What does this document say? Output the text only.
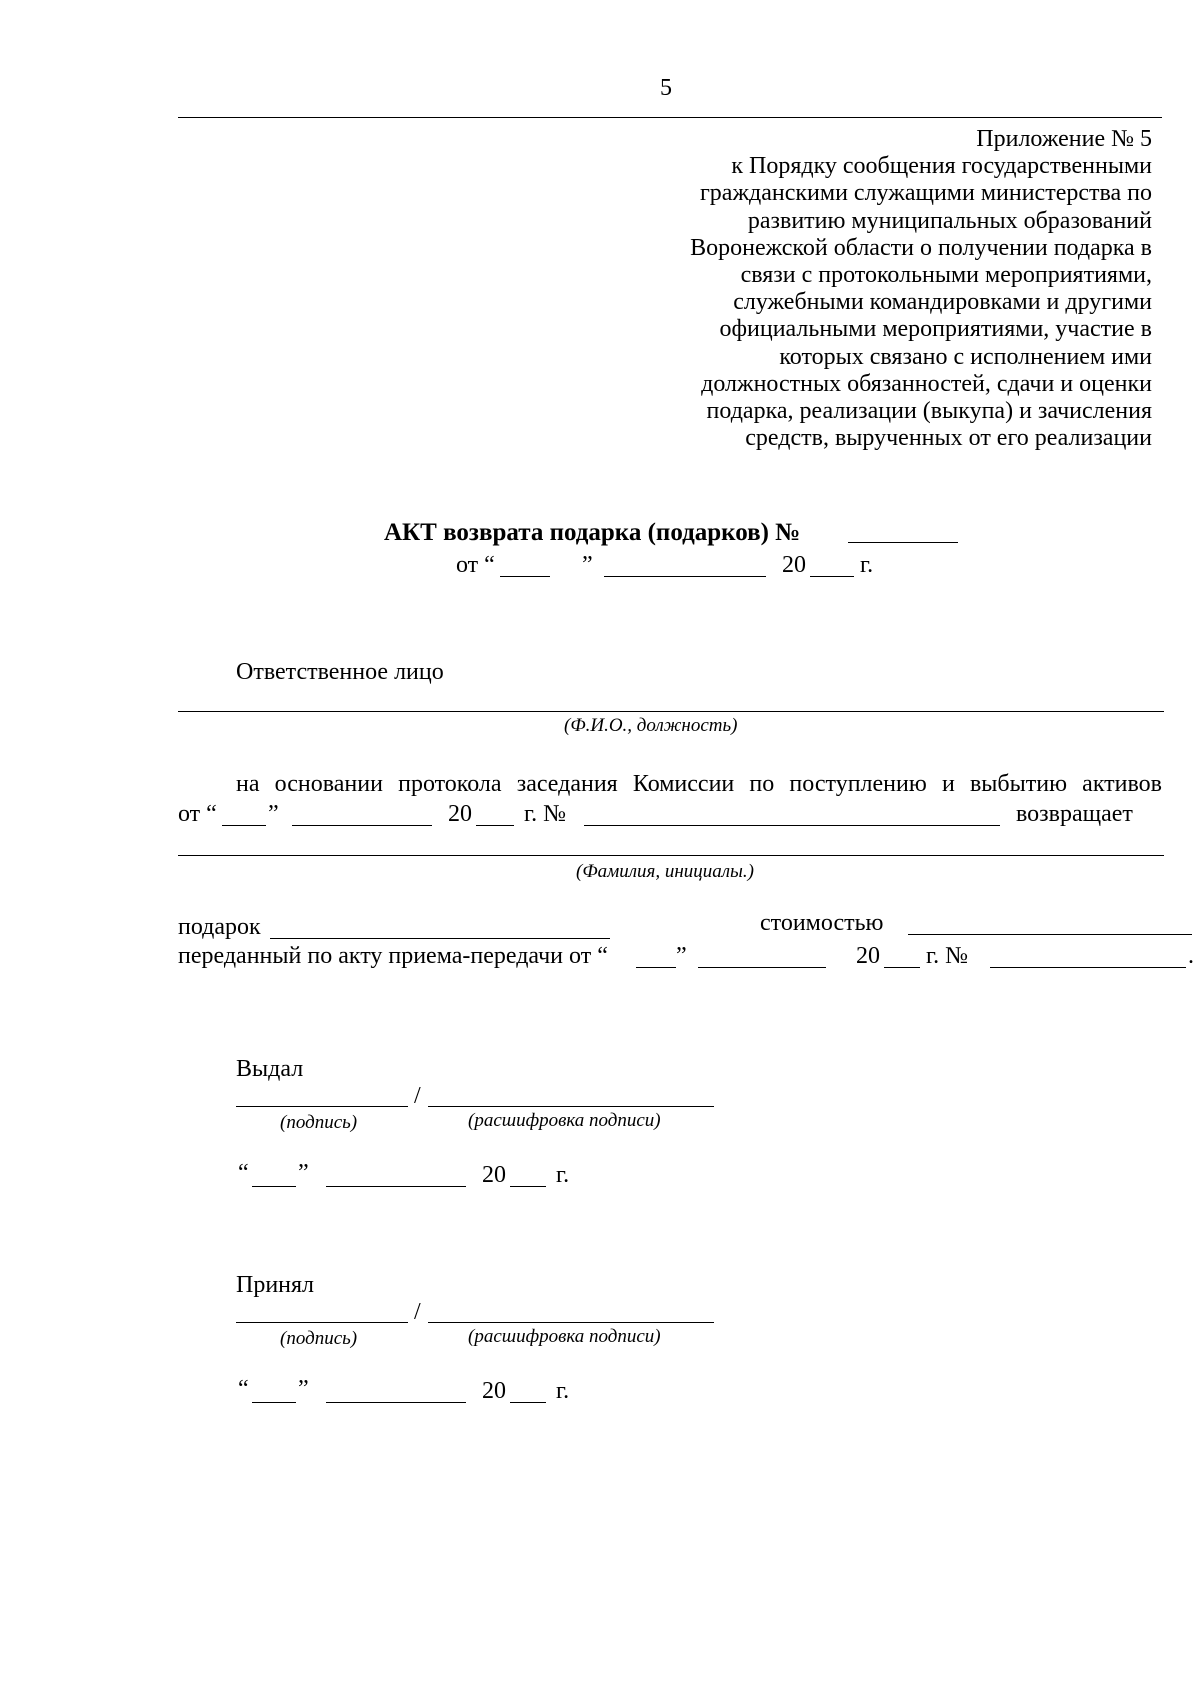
5
Приложение № 5
к Порядку сообщения государственными
гражданскими служащими министерства по
развитию муниципальных образований
Воронежской области о получении подарка в
связи с протокольными мероприятиями,
служебными командировками и другими
официальными мероприятиями, участие в
которых связано с исполнением ими
должностных обязанностей, сдачи и оценки
подарка, реализации (выкупа) и зачисления
средств, вырученных от его реализации
АКТ возврата подарка (подарков) №
от “	”	20 г.
Ответственное лицо
(Ф.И.О., должность)
на основании протокола заседания Комиссии по поступлению и выбытию активов
от “ ”	20 г. №	возвращает
(Фамилия, инициалы.)
подарок	стоимостью
переданный по акту приема-передачи от “	”	20 г. №	.
Выдал
/
(подпись)	(расшифровка подписи)
“ ”	20 г.
Принял
/
(подпись)	(расшифровка подписи)
“ ”	20 г.
